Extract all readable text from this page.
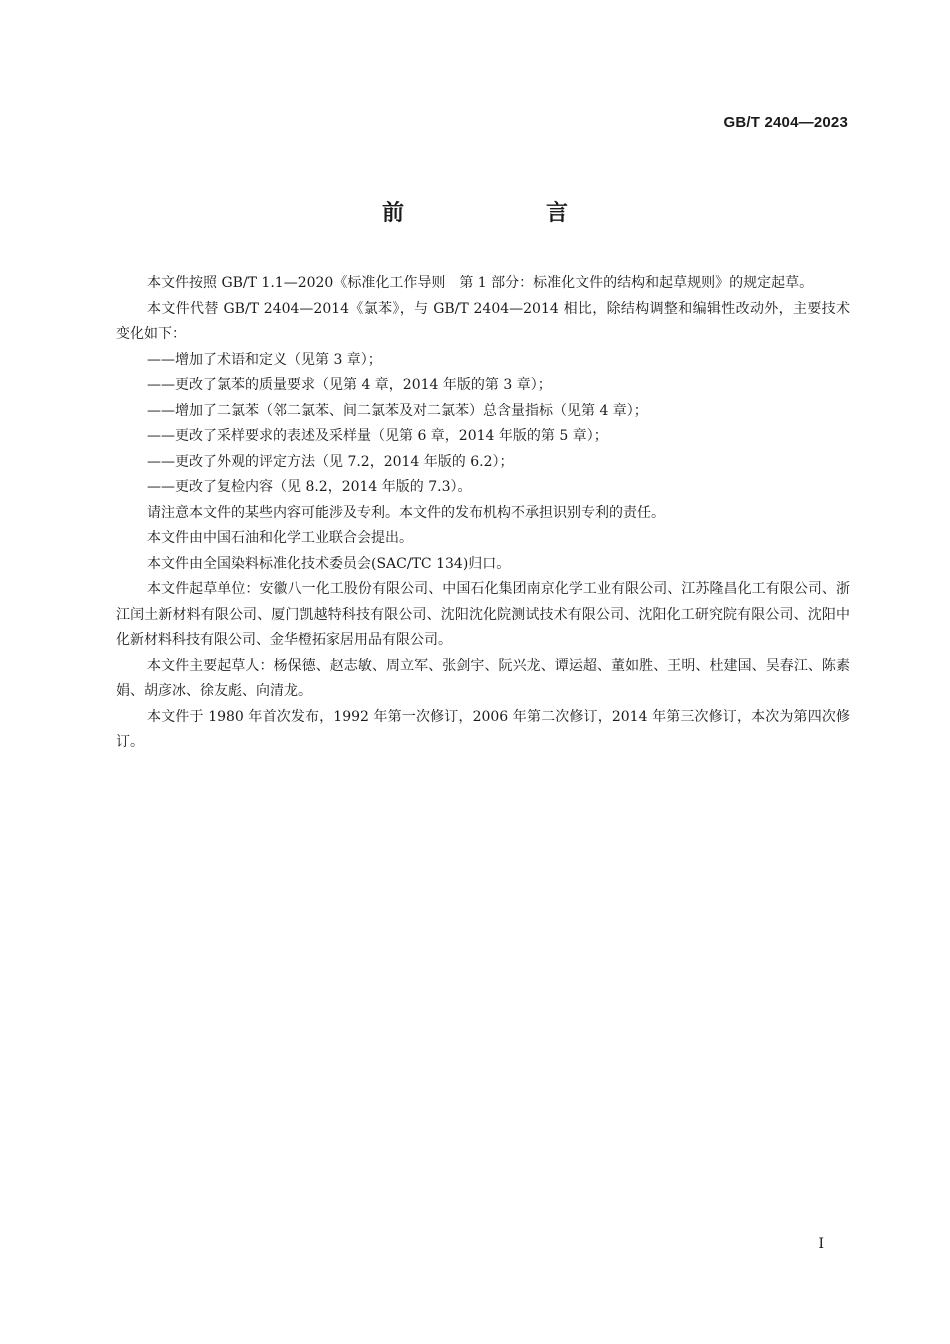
GB/T 2404—2023
前　言

本文件按照 GB/T 1.1—2020《标准化工作导则　第 1 部分：标准化文件的结构和起草规则》的规定起草。

本文件代替 GB/T 2404—2014《氯苯》，与 GB/T 2404—2014 相比，除结构调整和编辑性改动外，主要技术变化如下：

——增加了术语和定义（见第 3 章）；

——更改了氯苯的质量要求（见第 4 章，2014 年版的第 3 章）；

——增加了二氯苯（邻二氯苯、间二氯苯及对二氯苯）总含量指标（见第 4 章）；

——更改了采样要求的表述及采样量（见第 6 章，2014 年版的第 5 章）；

——更改了外观的评定方法（见 7.2，2014 年版的 6.2）；

——更改了复检内容（见 8.2，2014 年版的 7.3）。

请注意本文件的某些内容可能涉及专利。本文件的发布机构不承担识别专利的责任。

本文件由中国石油和化学工业联合会提出。

本文件由全国染料标准化技术委员会(SAC/TC 134)归口。

本文件起草单位：安徽八一化工股份有限公司、中国石化集团南京化学工业有限公司、江苏隆昌化工有限公司、浙江闰土新材料有限公司、厦门凯越特科技有限公司、沈阳沈化院测试技术有限公司、沈阳化工研究院有限公司、沈阳中化新材料科技有限公司、金华橙拓家居用品有限公司。

本文件主要起草人：杨保德、赵志敏、周立军、张剑宇、阮兴龙、谭运超、董如胜、王明、杜建国、吴春江、陈素娟、胡彦冰、徐友彪、向清龙。

本文件于 1980 年首次发布，1992 年第一次修订，2006 年第二次修订，2014 年第三次修订，本次为第四次修订。

I
